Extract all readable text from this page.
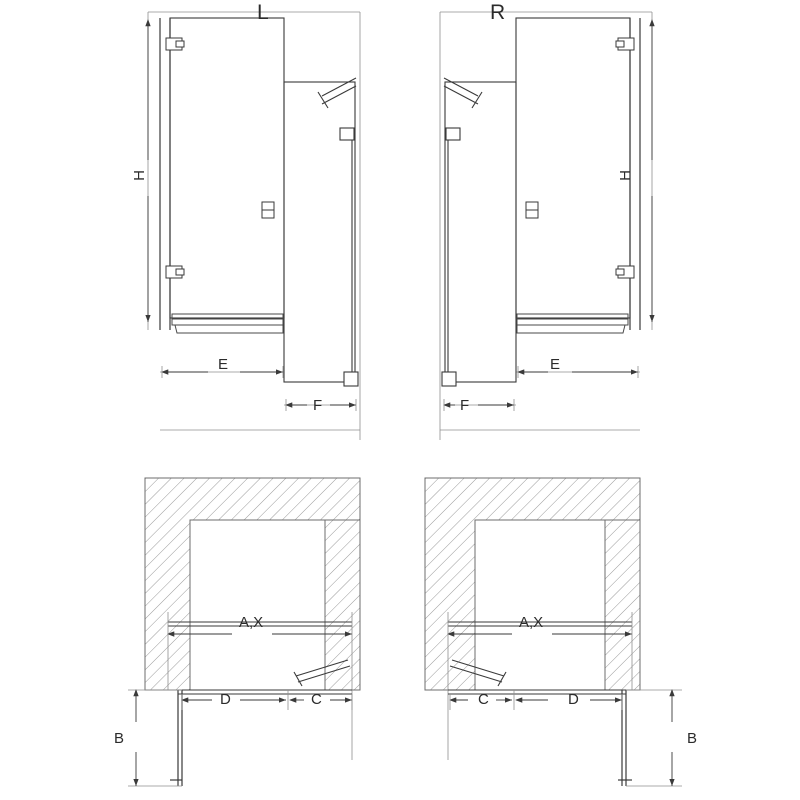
L	R
H	H
E
F
E
F
A,X	A,X
D	C	C	D
B	B
